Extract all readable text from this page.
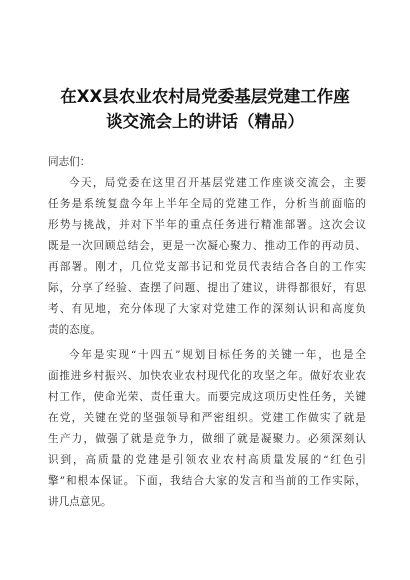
在XX县农业农村局党委基层党建工作座
谈交流会上的讲话（精品）
同志们：
今天，局党委在这里召开基层党建工作座谈交流会，主要
任务是系统复盘今年上半年全局的党建工作，分析当前面临的
形势与挑战，并对下半年的重点任务进行精准部署。这次会议
既是一次回顾总结会，更是一次凝心聚力、推动工作的再动员、
再部署。刚才，几位党支部书记和党员代表结合各自的工作实
际，分享了经验、查摆了问题、提出了建议，讲得都很好，有思
考、有见地，充分体现了大家对党建工作的深刻认识和高度负
责的态度。
今年是实现“十四五”规划目标任务的关键一年，也是全
面推进乡村振兴、加快农业农村现代化的攻坚之年。做好农业农
村工作，使命光荣、责任重大。而要完成这项历史性任务，关键
在党，关键在党的坚强领导和严密组织。党建工作做实了就是
生产力，做强了就是竞争力，做细了就是凝聚力。必须深刻认
识到，高质量的党建是引领农业农村高质量发展的“红色引
擎”和根本保证。下面，我结合大家的发言和当前的工作实际，
讲几点意见。
